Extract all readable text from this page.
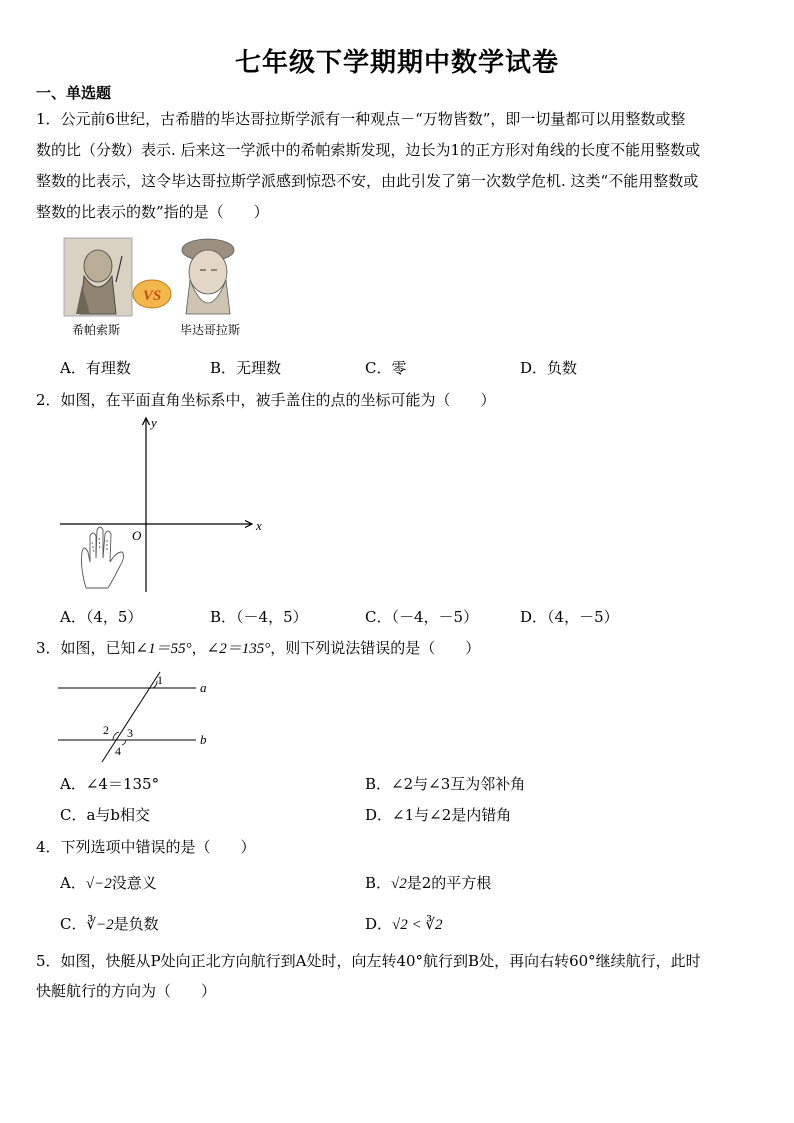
七年级下学期期中数学试卷
一、单选题
1．公元前6世纪，古希腊的毕达哥拉斯学派有一种观点－“万物皆数”，即一切量都可以用整数或整
数的比（分数）表示. 后来这一学派中的希帕索斯发现，边长为1的正方形对角线的长度不能用整数或
整数的比表示，这令毕达哥拉斯学派感到惊恐不安，由此引发了第一次数学危机. 这类“不能用整数或
整数的比表示的数”指的是（　　）
VS
希帕索斯	毕达哥拉斯
A．有理数	B．无理数	C．零	D．负数
2．如图，在平面直角坐标系中，被手盖住的点的坐标可能为（　　）
x
y
O
A．（4，5）	B．（－4，5）	C．（－4，－5）	D．（4，－5）
3．如图，已知∠1＝55°，∠2＝135°，则下列说法错误的是（　　）
a
b
1
2 3
4
A．∠4＝135°	B．∠2与∠3互为邻补角
C．a与b相交	D．∠1与∠2是内错角
4．下列选项中错误的是（　　）
A．√−2没意义	B．√2是2的平方根
C．∛−2是负数	D．√2 < ∛2
5．如图，快艇从P处向正北方向航行到A处时，向左转40°航行到B处，再向右转60°继续航行，此时
快艇航行的方向为（　　）
